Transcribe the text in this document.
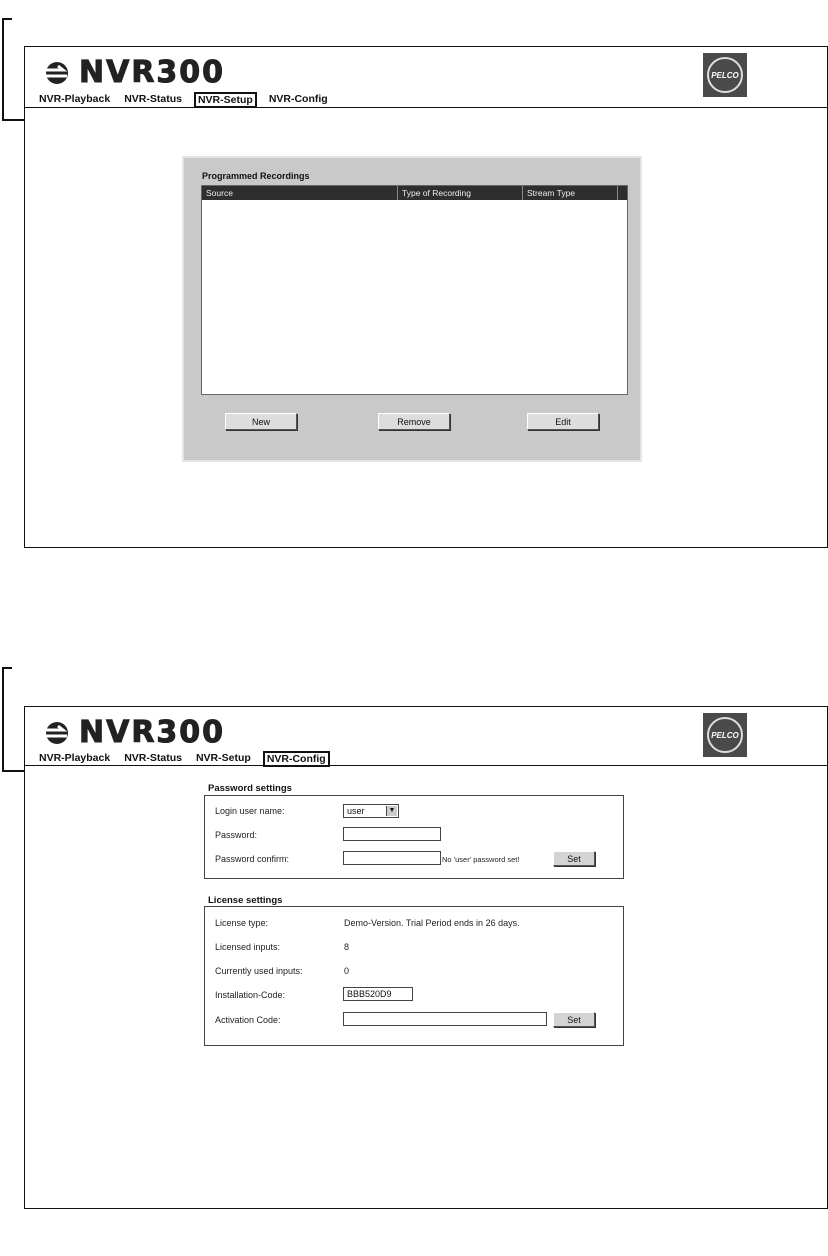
NVR300	PELCO
NVR-Playback NVR-Status	NVR-Setup	NVR-Config
Programmed Recordings
Source	Type of Recording	Stream Type
New	Remove	Edit
NVR300	PELCO
NVR-Playback NVR-Status NVR-Setup	NVR-Config
Password settings
Login user name:	user	▼
Password:
Password confirm:	No 'user' password set!	Set
License settings
License type:	Demo-Version. Trial Period ends in 26 days.
Licensed inputs:	8
Currently used inputs:	0
Installation-Code:	BBB520D9
Activation Code:	Set
